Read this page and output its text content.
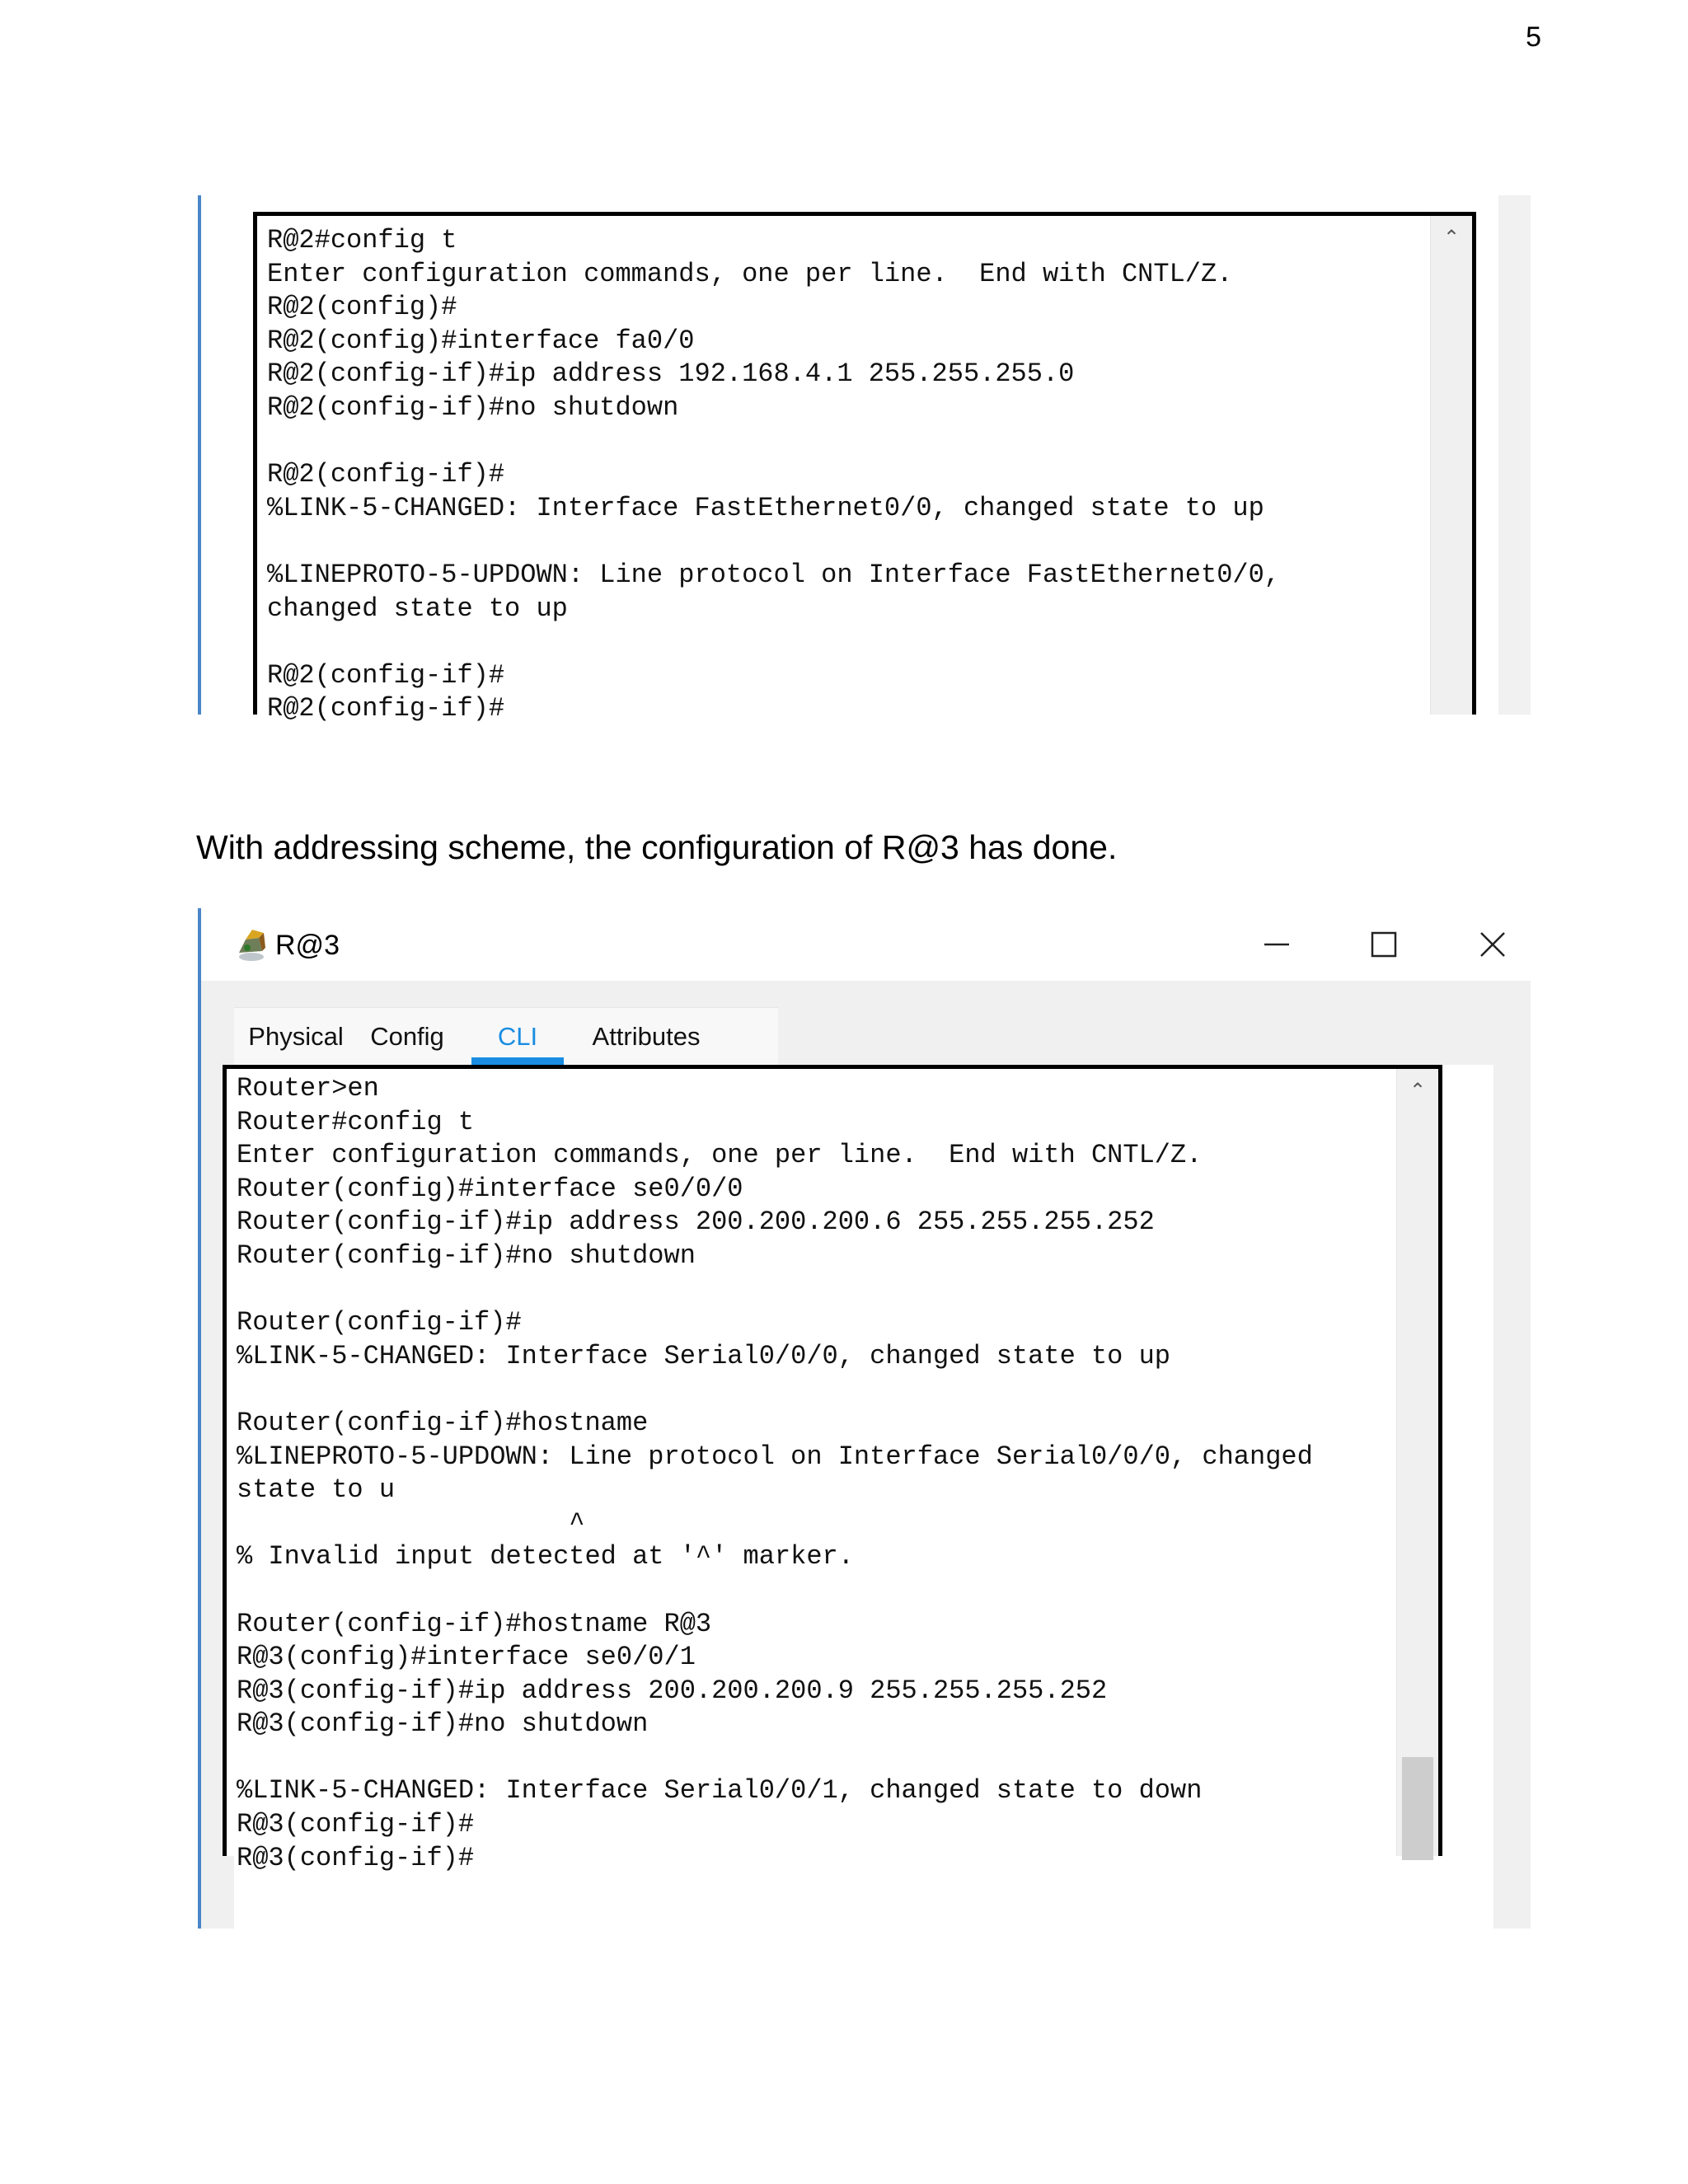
5
R@2#config t
Enter configuration commands, one per line.  End with CNTL/Z.
R@2(config)#
R@2(config)#interface fa0/0
R@2(config-if)#ip address 192.168.4.1 255.255.255.0
R@2(config-if)#no shutdown
R@2(config-if)#
%LINK-5-CHANGED: Interface FastEthernet0/0, changed state to up
%LINEPROTO-5-UPDOWN: Line protocol on Interface FastEthernet0/0,
changed state to up
R@2(config-if)#
R@2(config-if)#
⌃
With addressing scheme, the configuration of R@3 has done.
R@3
Physical	Config	CLI	Attributes
Router>en
Router#config t
Enter configuration commands, one per line.  End with CNTL/Z.
Router(config)#interface se0/0/0
Router(config-if)#ip address 200.200.200.6 255.255.255.252
Router(config-if)#no shutdown
Router(config-if)#
%LINK-5-CHANGED: Interface Serial0/0/0, changed state to up
Router(config-if)#hostname
%LINEPROTO-5-UPDOWN: Line protocol on Interface Serial0/0/0, changed
state to u
^
% Invalid input detected at '^' marker.
Router(config-if)#hostname R@3
R@3(config)#interface se0/0/1
R@3(config-if)#ip address 200.200.200.9 255.255.255.252
R@3(config-if)#no shutdown
%LINK-5-CHANGED: Interface Serial0/0/1, changed state to down
R@3(config-if)#
R@3(config-if)#
⌃
